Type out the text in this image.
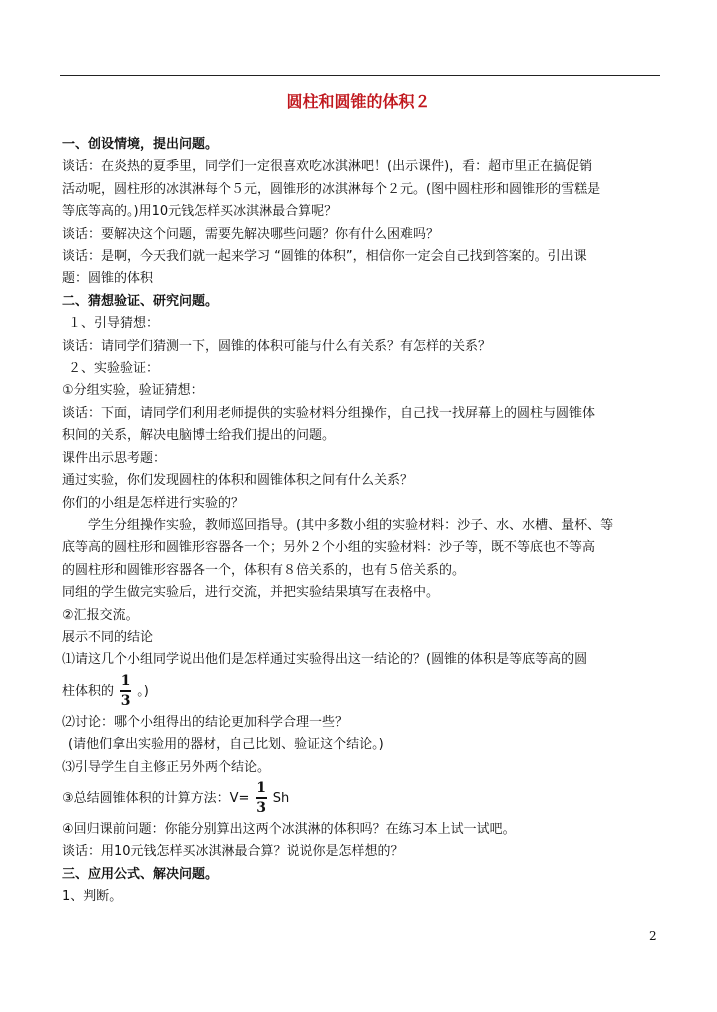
圆柱和圆锥的体积２
一、创设情境，提出问题。
谈话：在炎热的夏季里，同学们一定很喜欢吃冰淇淋吧！(出示课件)，看：超市里正在搞促销
活动呢，圆柱形的冰淇淋每个５元，圆锥形的冰淇淋每个２元。(图中圆柱形和圆锥形的雪糕是
等底等高的。)用10元钱怎样买冰淇淋最合算呢？
谈话：要解决这个问题，需要先解决哪些问题？你有什么困难吗？
谈话：是啊，今天我们就一起来学习 “圆锥的体积”，相信你一定会自己找到答案的。引出课
题：圆锥的体积
二、猜想验证、研究问题。
１、引导猜想：
谈话：请同学们猜测一下，圆锥的体积可能与什么有关系？有怎样的关系？
２、实验验证：
①分组实验，验证猜想：
谈话：下面，请同学们利用老师提供的实验材料分组操作，自己找一找屏幕上的圆柱与圆锥体
积间的关系，解决电脑博士给我们提出的问题。
课件出示思考题：
通过实验，你们发现圆柱的体积和圆锥体积之间有什么关系？
你们的小组是怎样进行实验的？
学生分组操作实验，教师巡回指导。(其中多数小组的实验材料：沙子、水、水槽、量杯、等
底等高的圆柱形和圆锥形容器各一个；另外２个小组的实验材料：沙子等，既不等底也不等高
的圆柱形和圆锥形容器各一个，体积有８倍关系的，也有５倍关系的。
同组的学生做完实验后，进行交流，并把实验结果填写在表格中。
②汇报交流。
展示不同的结论
⑴请这几个小组同学说出他们是怎样通过实验得出这一结论的？(圆锥的体积是等底等高的圆
柱体积的 $\frac{1}{3}$ 。)
⑵讨论：哪个小组得出的结论更加科学合理一些？
(请他们拿出实验用的器材，自己比划、验证这个结论。)
⑶引导学生自主修正另外两个结论。
③总结圆锥体积的计算方法：$V= \frac{1}{3}$ Sh
④回归课前问题：你能分别算出这两个冰淇淋的体积吗？在练习本上试一试吧。
谈话：用10元钱怎样买冰淇淋最合算？说说你是怎样想的？
三、应用公式、解决问题。
1、判断。
2
